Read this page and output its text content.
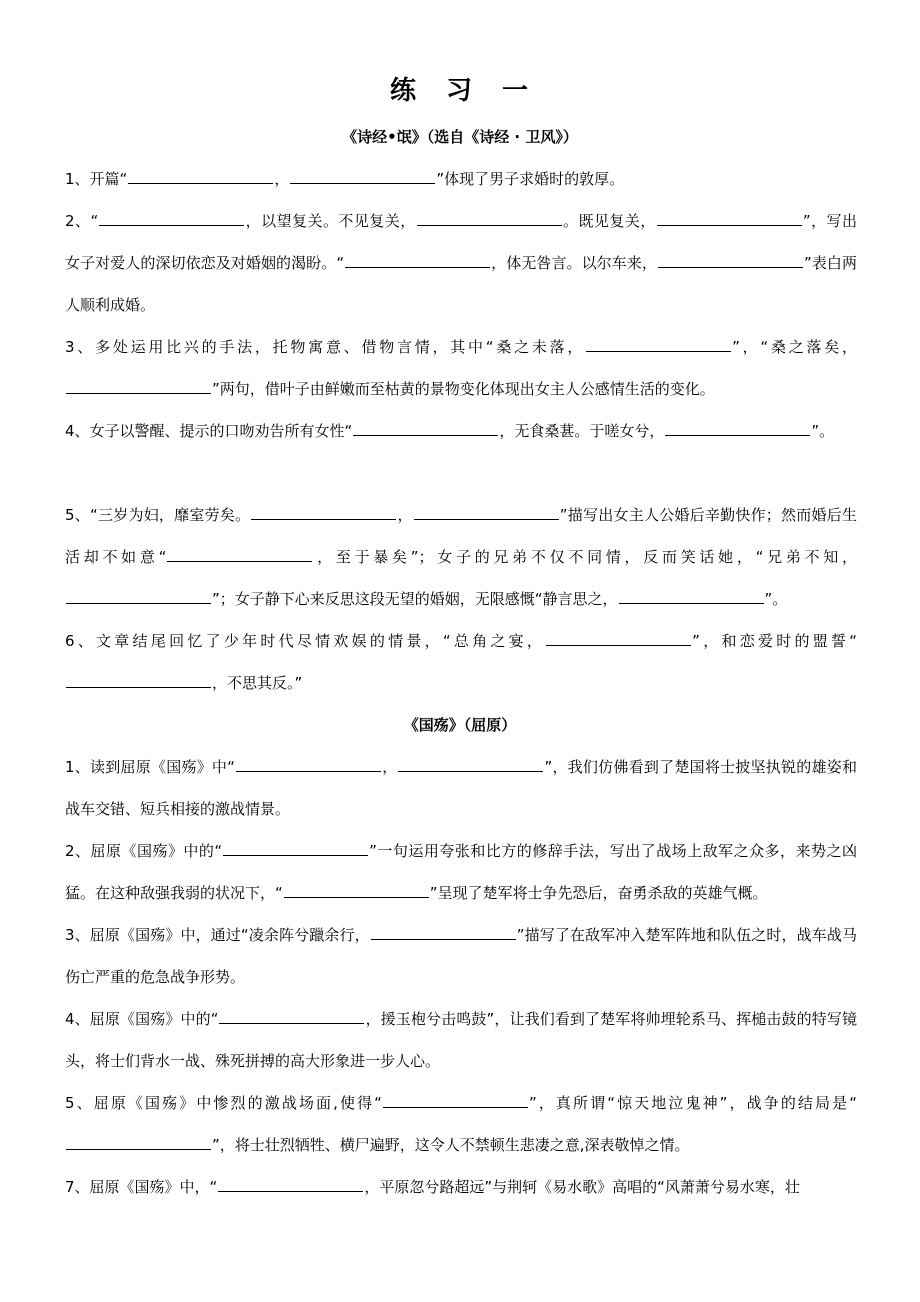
练　习　一
《诗经•氓》（选自《诗经 · 卫风》）

1、开篇“	，	”体现了男子求婚时的敦厚。

2、“	，以望复关。不见复关，	。既见复关，	”，写出女子对爱人的深切依恋及对婚姻的渴盼。“	，体无咎言。以尔车来，	”表白两人顺利成婚。

3、多处运用比兴的手法，托物寓意、借物言情，其中“桑之未落，	”，“桑之落矣，”两句，借叶子由鲜嫩而至枯黄的景物变化体现出女主人公感情生活的变化。

4、女子以警醒、提示的口吻劝告所有女性“	，无食桑葚。于嗟女兮，	”。

5、“三岁为妇，靡室劳矣。	，	”描写出女主人公婚后辛勤快作；然而婚后生活却不如意“	，至于暴矣”；女子的兄弟不仅不同情，反而笑话她，“兄弟不知，”；女子静下心来反思这段无望的婚姻，无限感慨“静言思之，	”。

6、文章结尾回忆了少年时代尽情欢娱的情景，“总角之宴，	”，和恋爱时的盟誓“，不思其反。”

《国殇》（屈原）

1、读到屈原《国殇》中“	，	”，我们仿佛看到了楚国将士披坚执锐的雄姿和战车交错、短兵相接的激战情景。

2、屈原《国殇》中的“	”一句运用夸张和比方的修辞手法，写出了战场上敌军之众多，来势之凶猛。在这种敌强我弱的状况下，“	”呈现了楚军将士争先恐后，奋勇杀敌的英雄气概。

3、屈原《国殇》中，通过“凌余阵兮躐余行，	”描写了在敌军冲入楚军阵地和队伍之时，战车战马伤亡严重的危急战争形势。

4、屈原《国殇》中的“	，援玉枹兮击鸣鼓”，让我们看到了楚军将帅埋轮系马、挥槌击鼓的特写镜头，将士们背水一战、殊死拼搏的高大形象进一步人心。

5、屈原《国殇》中惨烈的激战场面,使得“	”，真所谓“惊天地泣鬼神”，战争的结局是“”，将士壮烈牺牲、横尸遍野，这令人不禁顿生悲凄之意,深表敬悼之情。

7、屈原《国殇》中，“	，平原忽兮路超远”与荆轲《易水歌》高唱的“风萧萧兮易水寒，壮
